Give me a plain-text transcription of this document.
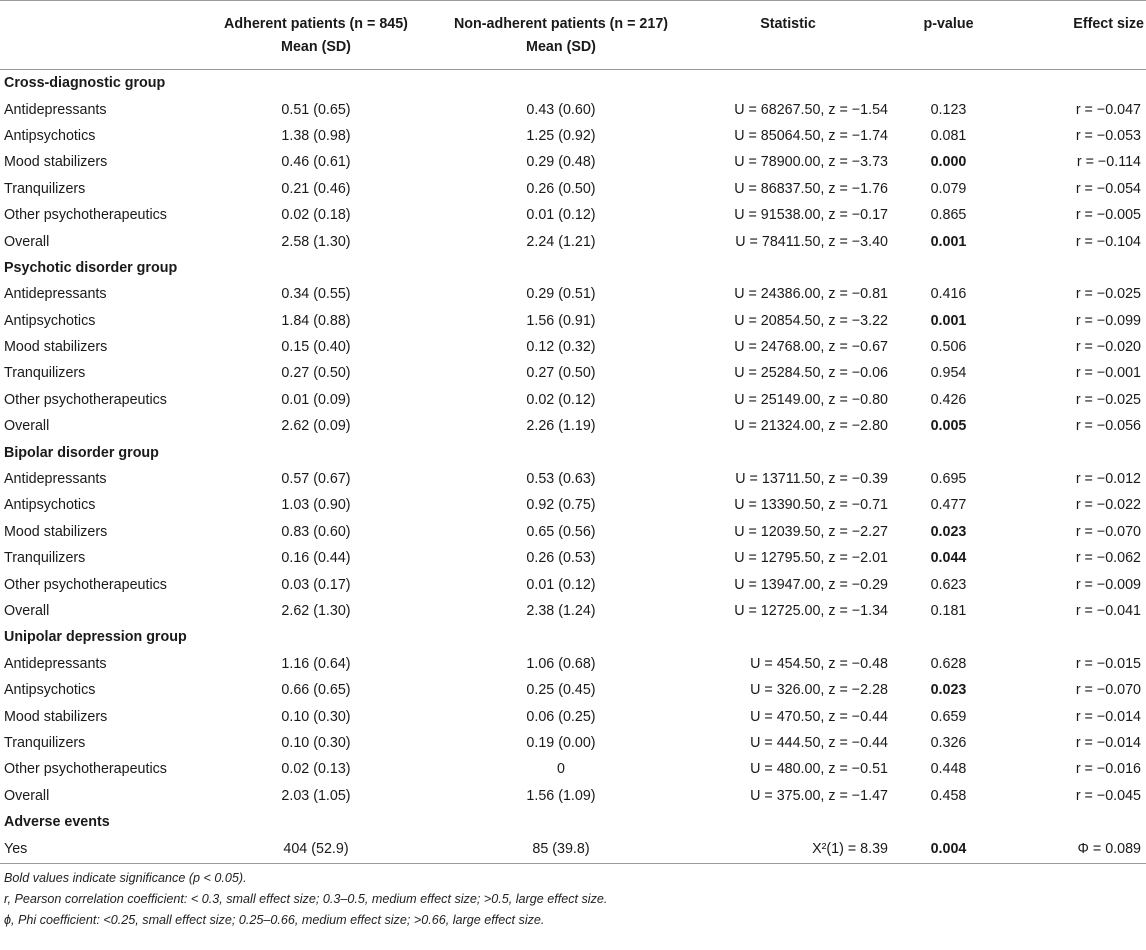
	Adherent patients (n = 845)	Non-adherent patients (n = 217)	Statistic	p-value	Effect size
	Mean (SD)	Mean (SD)			
Cross-diagnostic group					
Antidepressants	0.51 (0.65)	0.43 (0.60)	U = 68267.50, z = −1.54	0.123	r = −0.047
Antipsychotics	1.38 (0.98)	1.25 (0.92)	U = 85064.50, z = −1.74	0.081	r = −0.053
Mood stabilizers	0.46 (0.61)	0.29 (0.48)	U = 78900.00, z = −3.73	0.000	r = −0.114
Tranquilizers	0.21 (0.46)	0.26 (0.50)	U = 86837.50, z = −1.76	0.079	r = −0.054
Other psychotherapeutics	0.02 (0.18)	0.01 (0.12)	U = 91538.00, z = −0.17	0.865	r = −0.005
Overall	2.58 (1.30)	2.24 (1.21)	U = 78411.50, z = −3.40	0.001	r = −0.104
Psychotic disorder group					
Antidepressants	0.34 (0.55)	0.29 (0.51)	U = 24386.00, z = −0.81	0.416	r = −0.025
Antipsychotics	1.84 (0.88)	1.56 (0.91)	U = 20854.50, z = −3.22	0.001	r = −0.099
Mood stabilizers	0.15 (0.40)	0.12 (0.32)	U = 24768.00, z = −0.67	0.506	r = −0.020
Tranquilizers	0.27 (0.50)	0.27 (0.50)	U = 25284.50, z = −0.06	0.954	r = −0.001
Other psychotherapeutics	0.01 (0.09)	0.02 (0.12)	U = 25149.00, z = −0.80	0.426	r = −0.025
Overall	2.62 (0.09)	2.26 (1.19)	U = 21324.00, z = −2.80	0.005	r = −0.056
Bipolar disorder group					
Antidepressants	0.57 (0.67)	0.53 (0.63)	U = 13711.50, z = −0.39	0.695	r = −0.012
Antipsychotics	1.03 (0.90)	0.92 (0.75)	U = 13390.50, z = −0.71	0.477	r = −0.022
Mood stabilizers	0.83 (0.60)	0.65 (0.56)	U = 12039.50, z = −2.27	0.023	r = −0.070
Tranquilizers	0.16 (0.44)	0.26 (0.53)	U = 12795.50, z = −2.01	0.044	r = −0.062
Other psychotherapeutics	0.03 (0.17)	0.01 (0.12)	U = 13947.00, z = −0.29	0.623	r = −0.009
Overall	2.62 (1.30)	2.38 (1.24)	U = 12725.00, z = −1.34	0.181	r = −0.041
Unipolar depression group					
Antidepressants	1.16 (0.64)	1.06 (0.68)	U = 454.50, z = −0.48	0.628	r = −0.015
Antipsychotics	0.66 (0.65)	0.25 (0.45)	U = 326.00, z = −2.28	0.023	r = −0.070
Mood stabilizers	0.10 (0.30)	0.06 (0.25)	U = 470.50, z = −0.44	0.659	r = −0.014
Tranquilizers	0.10 (0.30)	0.19 (0.00)	U = 444.50, z = −0.44	0.326	r = −0.014
Other psychotherapeutics	0.02 (0.13)	0	U = 480.00, z = −0.51	0.448	r = −0.016
Overall	2.03 (1.05)	1.56 (1.09)	U = 375.00, z = −1.47	0.458	r = −0.045
Adverse events					
Yes	404 (52.9)	85 (39.8)	X²(1) = 8.39	0.004	Φ = 0.089
Bold values indicate significance (p < 0.05).
r, Pearson correlation coefficient: < 0.3, small effect size; 0.3–0.5, medium effect size; >0.5, large effect size.
ϕ, Phi coefficient: <0.25, small effect size; 0.25–0.66, medium effect size; >0.66, large effect size.
